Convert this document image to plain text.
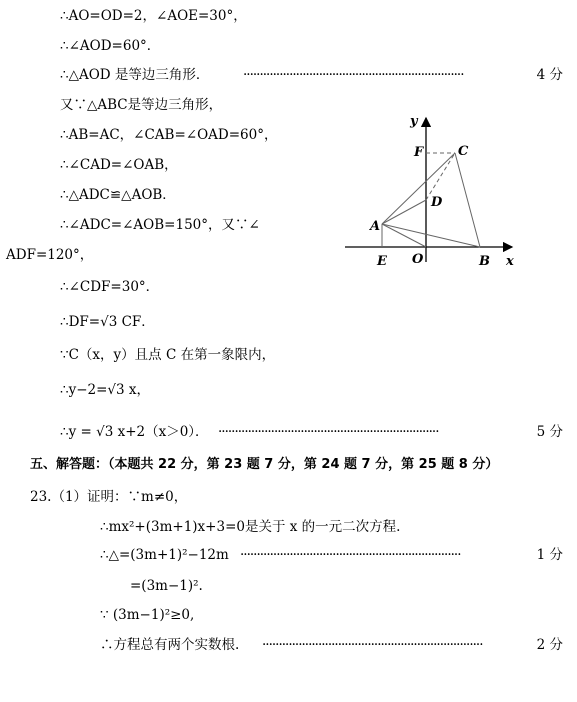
∴AO=OD=2，∠AOE=30°，
∴∠AOD=60°．
∴△AOD 是等边三角形． ···································································	4 分
又∵△ABC是等边三角形，
∴AB=AC，∠CAB=∠OAD=60°，
∴∠CAD=∠OAB，
∴△ADC≌△AOB．
∴∠ADC=∠AOB=150°，又∵∠
ADF=120°，
∴∠CDF=30°．
∴DF=√3 CF．
∵C（x，y）且点 C 在第一象限内，
∴y−2=√3 x，
∴y = √3 x+2（x＞0）． ···································································	5 分
五、解答题：（本题共 22 分，第 23 题 7 分，第 24 题 7 分，第 25 题 8 分）
23.（1）证明：∵m≠0，
∴mx²+(3m+1)x+3=0是关于 x 的一元二次方程.
∴△=(3m+1)²−12m ···································································	1 分
=(3m−1)².
∵ (3m−1)²≥0,
∴方程总有两个实数根. ···································································	2 分
y
x
F	C
D
A
E O	B
